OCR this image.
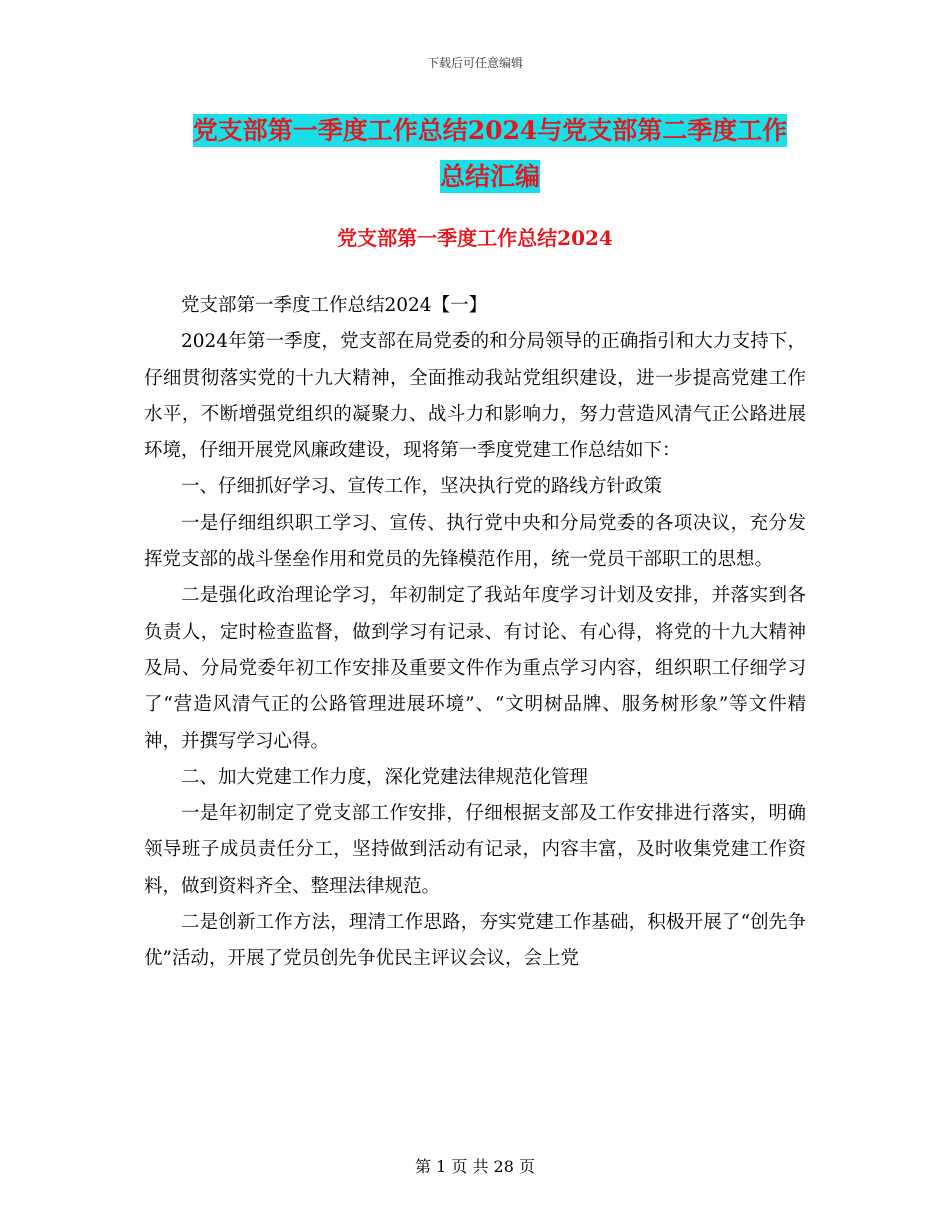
下载后可任意编辑
党支部第一季度工作总结2024与党支部第二季度工作
总结汇编
党支部第一季度工作总结2024

党支部第一季度工作总结2024【一】

2024年第一季度，党支部在局党委的和分局领导的正确指引和大力支持下，仔细贯彻落实党的十九大精神，全面推动我站党组织建设，进一步提高党建工作水平，不断增强党组织的凝聚力、战斗力和影响力，努力营造风清气正公路进展环境，仔细开展党风廉政建设，现将第一季度党建工作总结如下：

一、仔细抓好学习、宣传工作，坚决执行党的路线方针政策

一是仔细组织职工学习、宣传、执行党中央和分局党委的各项决议，充分发挥党支部的战斗堡垒作用和党员的先锋模范作用，统一党员干部职工的思想。

二是强化政治理论学习，年初制定了我站年度学习计划及安排，并落实到各负责人，定时检查监督，做到学习有记录、有讨论、有心得，将党的十九大精神及局、分局党委年初工作安排及重要文件作为重点学习内容，组织职工仔细学习了“营造风清气正的公路管理进展环境”、“文明树品牌、服务树形象”等文件精神，并撰写学习心得。

二、加大党建工作力度，深化党建法律规范化管理

一是年初制定了党支部工作安排，仔细根据支部及工作安排进行落实，明确领导班子成员责任分工，坚持做到活动有记录，内容丰富，及时收集党建工作资料，做到资料齐全、整理法律规范。

二是创新工作方法，理清工作思路，夯实党建工作基础，积极开展了“创先争优”活动，开展了党员创先争优民主评议会议，会上党

第 1 页 共 28 页
